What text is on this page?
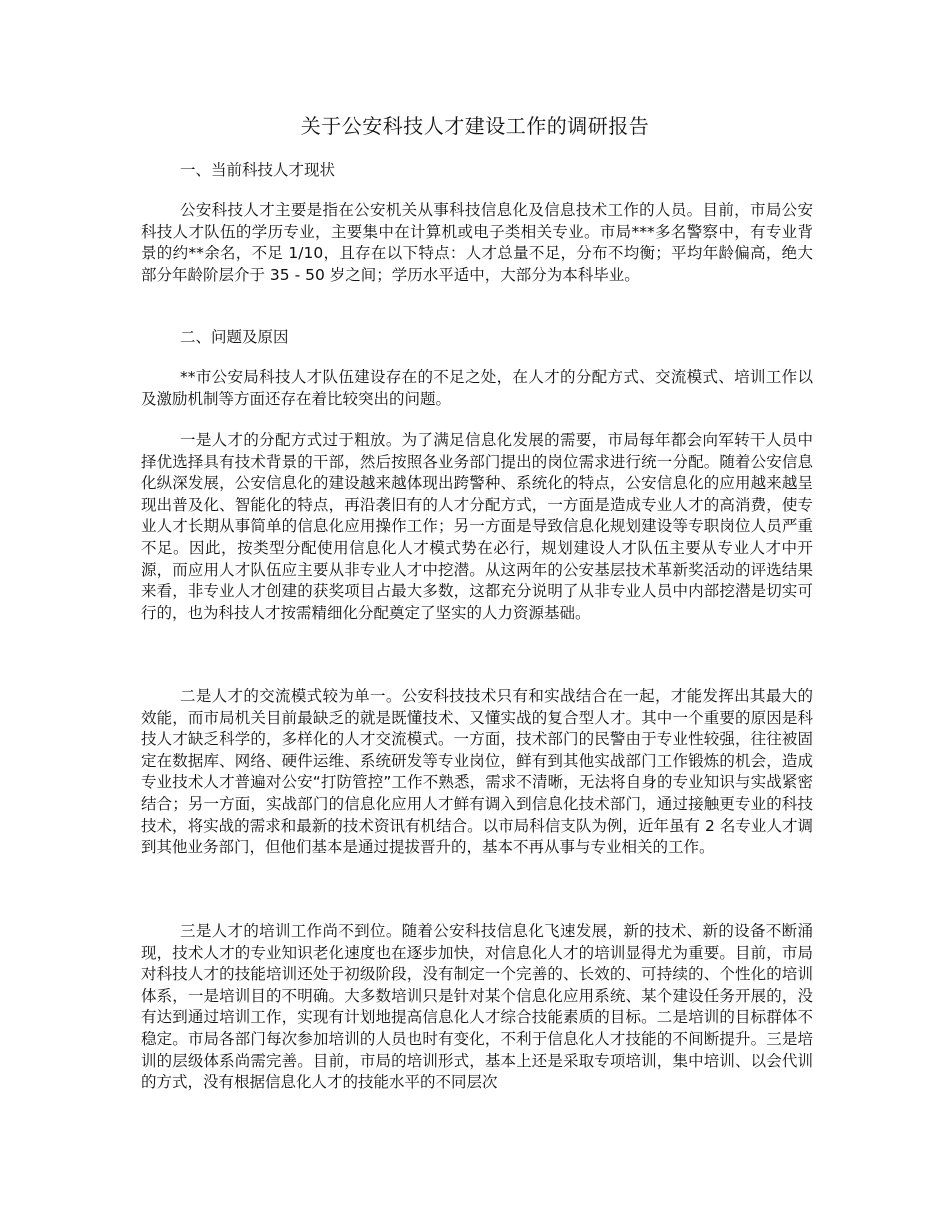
关于公安科技人才建设工作的调研报告
一、当前科技人才现状

公安科技人才主要是指在公安机关从事科技信息化及信息技术工作的人员。目前，市局公安科技人才队伍的学历专业，主要集中在计算机或电子类相关专业。市局***多名警察中，有专业背景的约**余名，不足 1/10，且存在以下特点：人才总量不足，分布不均衡；平均年龄偏高，绝大部分年龄阶层介于 35 - 50 岁之间；学历水平适中，大部分为本科毕业。

二、问题及原因

**市公安局科技人才队伍建设存在的不足之处，在人才的分配方式、交流模式、培训工作以及激励机制等方面还存在着比较突出的问题。

一是人才的分配方式过于粗放。为了满足信息化发展的需要，市局每年都会向军转干人员中择优选择具有技术背景的干部，然后按照各业务部门提出的岗位需求进行统一分配。随着公安信息化纵深发展，公安信息化的建设越来越体现出跨警种、系统化的特点，公安信息化的应用越来越呈现出普及化、智能化的特点，再沿袭旧有的人才分配方式，一方面是造成专业人才的高消费，使专业人才长期从事简单的信息化应用操作工作；另一方面是导致信息化规划建设等专职岗位人员严重不足。因此，按类型分配使用信息化人才模式势在必行，规划建设人才队伍主要从专业人才中开源，而应用人才队伍应主要从非专业人才中挖潜。从这两年的公安基层技术革新奖活动的评选结果来看，非专业人才创建的获奖项目占最大多数，这都充分说明了从非专业人员中内部挖潜是切实可行的，也为科技人才按需精细化分配奠定了坚实的人力资源基础。

二是人才的交流模式较为单一。公安科技技术只有和实战结合在一起，才能发挥出其最大的效能，而市局机关目前最缺乏的就是既懂技术、又懂实战的复合型人才。其中一个重要的原因是科技人才缺乏科学的，多样化的人才交流模式。一方面，技术部门的民警由于专业性较强，往往被固定在数据库、网络、硬件运维、系统研发等专业岗位，鲜有到其他实战部门工作锻炼的机会，造成专业技术人才普遍对公安“打防管控”工作不熟悉，需求不清晰，无法将自身的专业知识与实战紧密结合；另一方面，实战部门的信息化应用人才鲜有调入到信息化技术部门，通过接触更专业的科技技术，将实战的需求和最新的技术资讯有机结合。以市局科信支队为例，近年虽有 2 名专业人才调到其他业务部门，但他们基本是通过提拔晋升的，基本不再从事与专业相关的工作。

三是人才的培训工作尚不到位。随着公安科技信息化飞速发展，新的技术、新的设备不断涌现，技术人才的专业知识老化速度也在逐步加快，对信息化人才的培训显得尤为重要。目前，市局对科技人才的技能培训还处于初级阶段，没有制定一个完善的、长效的、可持续的、个性化的培训体系，一是培训目的不明确。大多数培训只是针对某个信息化应用系统、某个建设任务开展的，没有达到通过培训工作，实现有计划地提高信息化人才综合技能素质的目标。二是培训的目标群体不稳定。市局各部门每次参加培训的人员也时有变化，不利于信息化人才技能的不间断提升。三是培训的层级体系尚需完善。目前，市局的培训形式，基本上还是采取专项培训，集中培训、以会代训的方式，没有根据信息化人才的技能水平的不同层次
